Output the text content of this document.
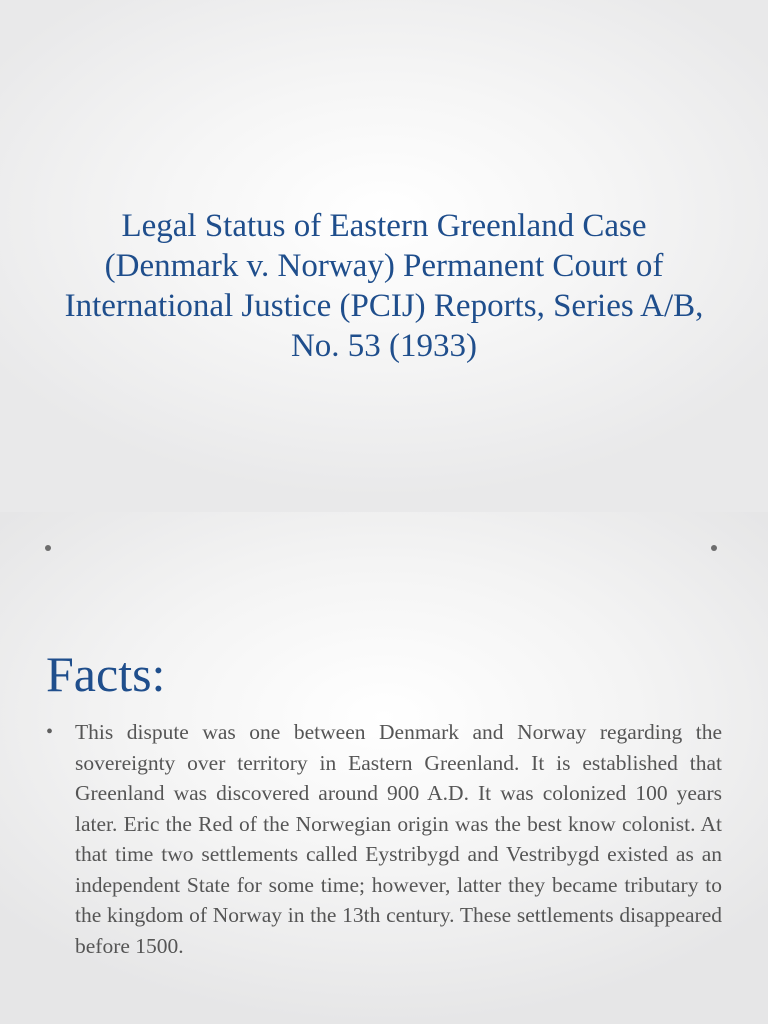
Legal Status of Eastern Greenland Case (Denmark v. Norway) Permanent Court of International Justice (PCIJ) Reports, Series A/B, No. 53 (1933)
Facts:
• This dispute was one between Denmark and Norway regarding the sovereignty over territory in Eastern Greenland. It is established that Greenland was discovered around 900 A.D. It was colonized 100 years later. Eric the Red of the Norwegian origin was the best know colonist. At that time two settlements called Eystribygd and Vestribygd existed as an independent State for some time; however, latter they became tributary to the kingdom of Norway in the 13th century. These settlements disappeared before 1500.
